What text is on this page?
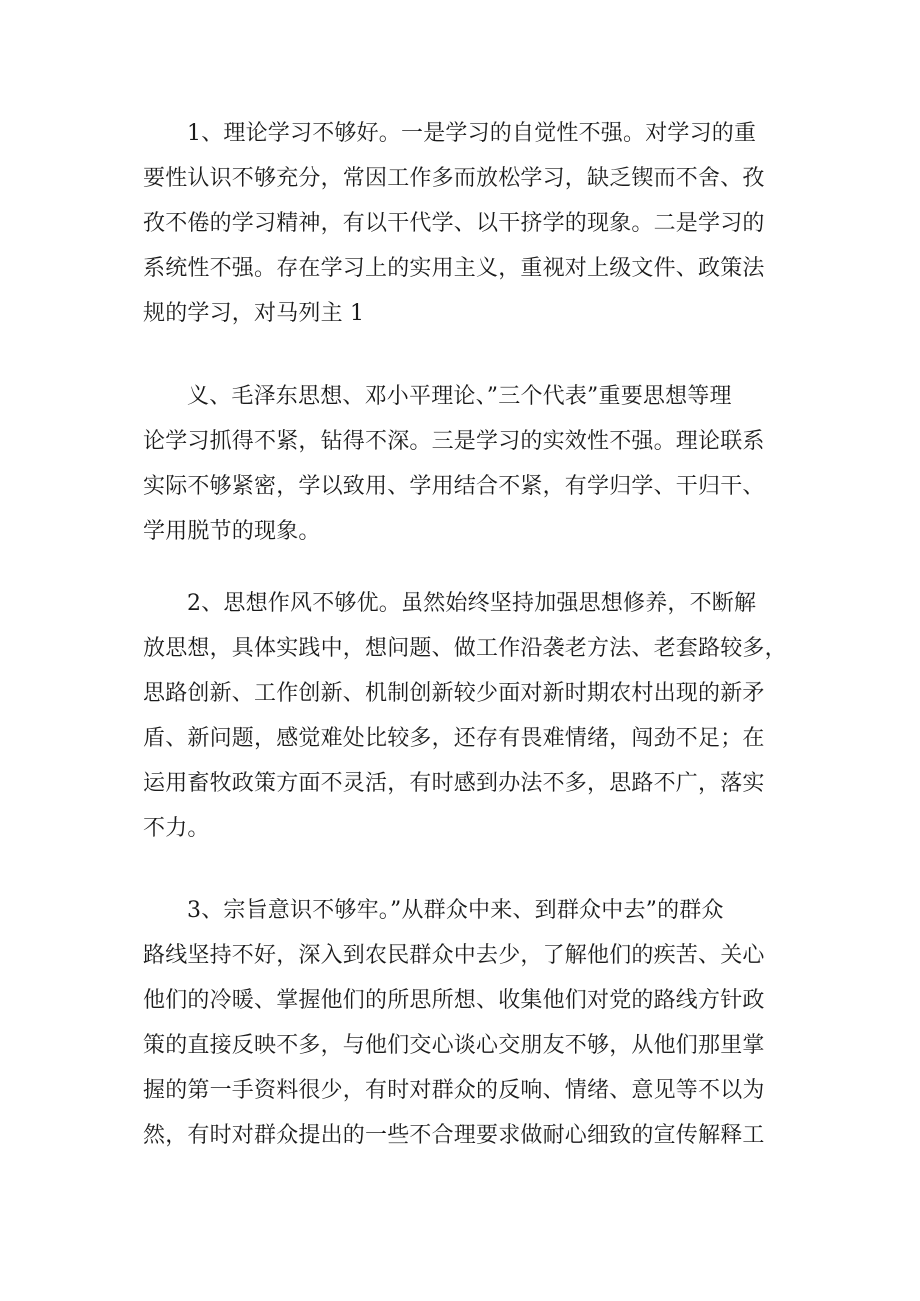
1、理论学习不够好。一是学习的自觉性不强。对学习的重
要性认识不够充分，常因工作多而放松学习，缺乏锲而不舍、孜
孜不倦的学习精神，有以干代学、以干挤学的现象。二是学习的
系统性不强。存在学习上的实用主义，重视对上级文件、政策法
规的学习，对马列主 1
义、毛泽东思想、邓小平理论、”三个代表”重要思想等理
论学习抓得不紧，钻得不深。三是学习的实效性不强。理论联系
实际不够紧密，学以致用、学用结合不紧，有学归学、干归干、
学用脱节的现象。
2、思想作风不够优。虽然始终坚持加强思想修养，不断解
放思想，具体实践中，想问题、做工作沿袭老方法、老套路较多，
思路创新、工作创新、机制创新较少面对新时期农村出现的新矛
盾、新问题，感觉难处比较多，还存有畏难情绪，闯劲不足；在
运用畜牧政策方面不灵活，有时感到办法不多，思路不广，落实
不力。
3、宗旨意识不够牢。”从群众中来、到群众中去”的群众
路线坚持不好，深入到农民群众中去少，了解他们的疾苦、关心
他们的冷暖、掌握他们的所思所想、收集他们对党的路线方针政
策的直接反映不多，与他们交心谈心交朋友不够，从他们那里掌
握的第一手资料很少，有时对群众的反响、情绪、意见等不以为
然，有时对群众提出的一些不合理要求做耐心细致的宣传解释工
